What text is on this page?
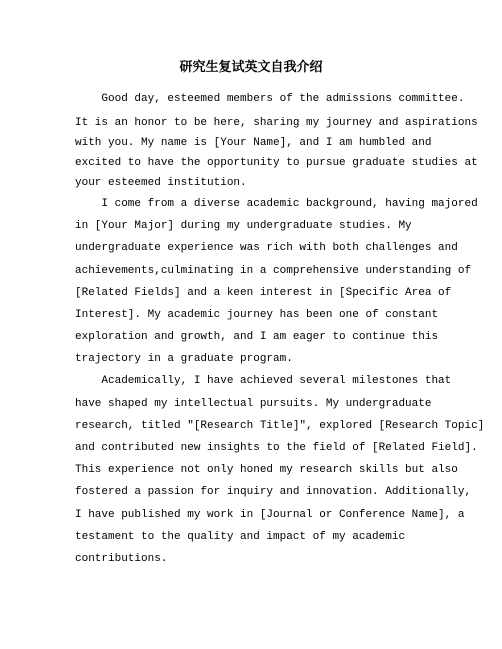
研究生复试英文自我介绍
Good day, esteemed members of the admissions committee.
It is an honor to be here, sharing my journey and aspirations
with you. My name is [Your Name], and I am humbled and
excited to have the opportunity to pursue graduate studies at
your esteemed institution.
I come from a diverse academic background, having majored
in [Your Major] during my undergraduate studies. My
undergraduate experience was rich with both challenges and
achievements,culminating in a comprehensive understanding of
[Related Fields] and a keen interest in [Specific Area of
Interest]. My academic journey has been one of constant
exploration and growth, and I am eager to continue this
trajectory in a graduate program.
Academically, I have achieved several milestones that
have shaped my intellectual pursuits. My undergraduate
research, titled "[Research Title]", explored [Research Topic]
and contributed new insights to the field of [Related Field].
This experience not only honed my research skills but also
fostered a passion for inquiry and innovation. Additionally,
I have published my work in [Journal or Conference Name], a
testament to the quality and impact of my academic
contributions.
